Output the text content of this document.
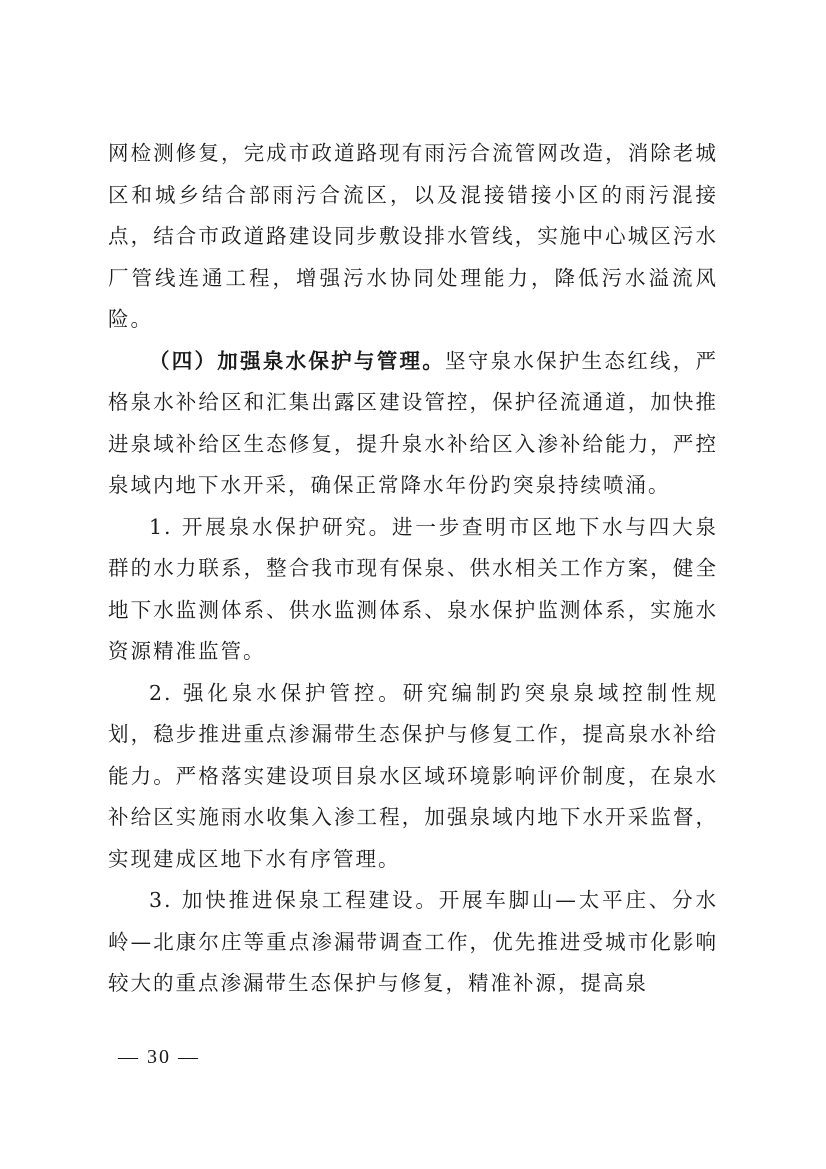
网检测修复，完成市政道路现有雨污合流管网改造，消除老城区和城乡结合部雨污合流区，以及混接错接小区的雨污混接点，结合市政道路建设同步敷设排水管线，实施中心城区污水厂管线连通工程，增强污水协同处理能力，降低污水溢流风险。

（四）加强泉水保护与管理。坚守泉水保护生态红线，严格泉水补给区和汇集出露区建设管控，保护径流通道，加快推进泉域补给区生态修复，提升泉水补给区入渗补给能力，严控泉域内地下水开采，确保正常降水年份趵突泉持续喷涌。

1. 开展泉水保护研究。进一步查明市区地下水与四大泉群的水力联系，整合我市现有保泉、供水相关工作方案，健全地下水监测体系、供水监测体系、泉水保护监测体系，实施水资源精准监管。

2. 强化泉水保护管控。研究编制趵突泉泉域控制性规划，稳步推进重点渗漏带生态保护与修复工作，提高泉水补给能力。严格落实建设项目泉水区域环境影响评价制度，在泉水补给区实施雨水收集入渗工程，加强泉域内地下水开采监督，实现建成区地下水有序管理。

3. 加快推进保泉工程建设。开展车脚山—太平庄、分水岭—北康尔庄等重点渗漏带调查工作，优先推进受城市化影响较大的重点渗漏带生态保护与修复，精准补源，提高泉

— 30 —
